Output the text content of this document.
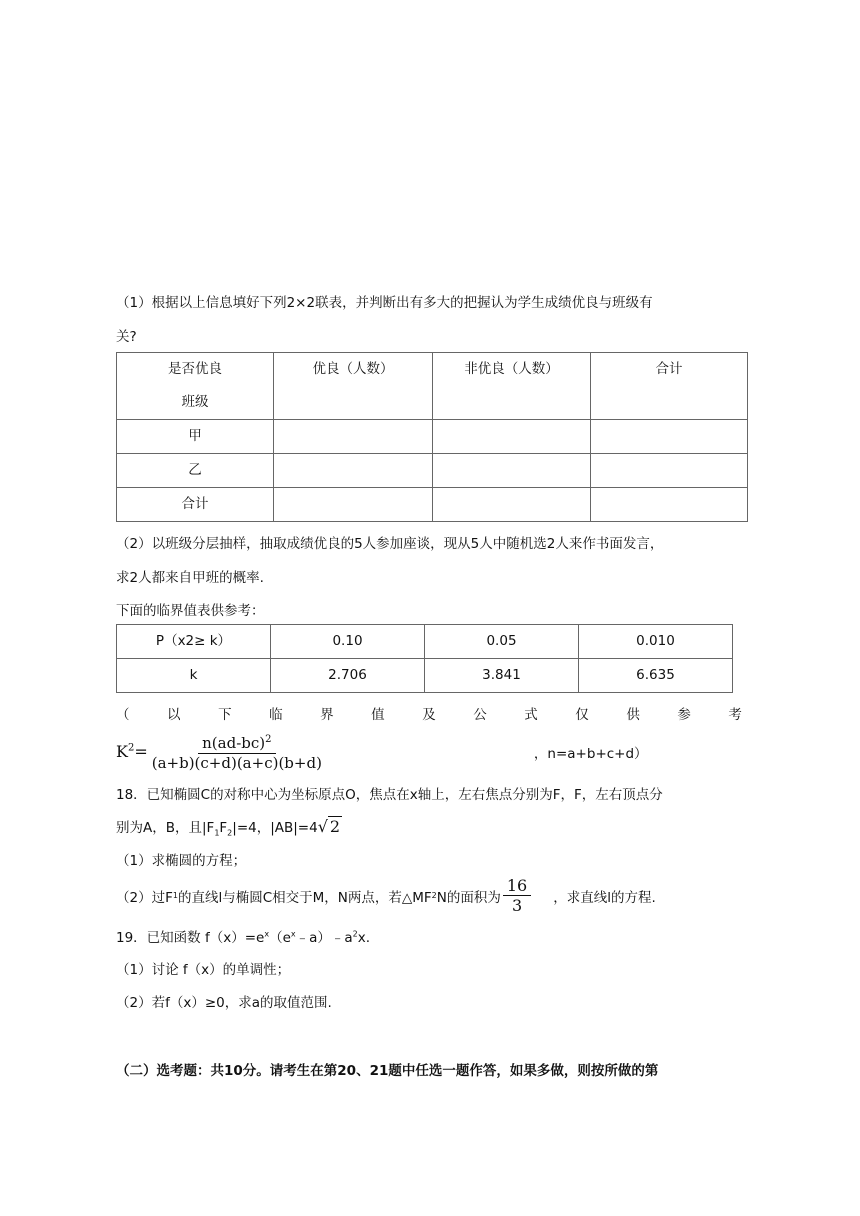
（1）根据以上信息填好下列2×2联表，并判断出有多大的把握认为学生成绩优良与班级有
关?
是否优良
班级	优良（人数）	非优良（人数）	合计
甲			
乙			
合计			
（2）以班级分层抽样，抽取成绩优良的5人参加座谈，现从5人中随机选2人来作书面发言，
求2人都来自甲班的概率.
下面的临界值表供参考：
P（x2≥ k）	0.10	0.05	0.010
k	2.706	3.841	6.635
（	以	下	临	界	值	及	公	式	仅	供	参	考
$K^2= \frac{n(ad-bc)^2}{(a+b)(c+d)(a+c)(b+d)}$	，n=a+b+c+d）
18．已知椭圆C的对称中心为坐标原点O，焦点在x轴上，左右焦点分别为F，F，左右顶点分
别为A，B，且$|F_1F_2|=4$，|AB|=4√ 2
（1）求椭圆的方程；
（2）过F 1 的直线l与椭圆C相交于M，N两点，若△MF 2 N的面积为 $\frac{16}{3}$ ，求直线l的方程.
19．已知函数 $f(x)=e^x(e^x﹣a)﹣a^2x$.
（1）讨论 f（x）的单调性；
（2）若f（x）≥0，求a的取值范围.
（二）选考题：共10分。请考生在第20、21题中任选一题作答，如果多做，则按所做的第
